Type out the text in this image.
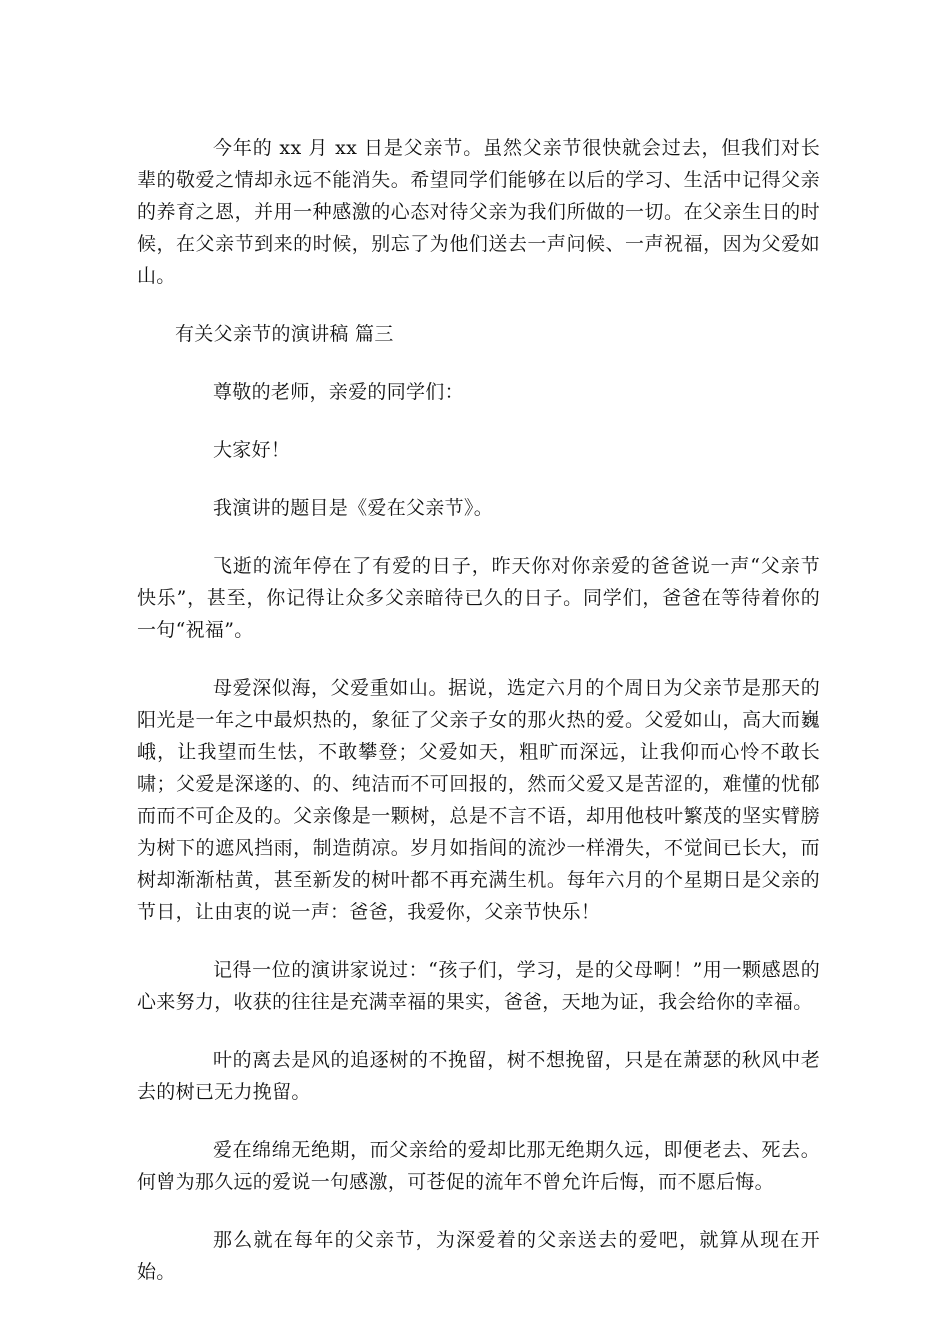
今年的 xx 月 xx 日是父亲节。虽然父亲节很快就会过去，但我们对长辈的敬爱之情却永远不能消失。希望同学们能够在以后的学习、生活中记得父亲的养育之恩，并用一种感激的心态对待父亲为我们所做的一切。在父亲生日的时候，在父亲节到来的时候，别忘了为他们送去一声问候、一声祝福，因为父爱如山。

有关父亲节的演讲稿 篇三

尊敬的老师，亲爱的同学们：

大家好！

我演讲的题目是《爱在父亲节》。

飞逝的流年停在了有爱的日子，昨天你对你亲爱的爸爸说一声“父亲节快乐”，甚至，你记得让众多父亲暗待已久的日子。同学们，爸爸在等待着你的一句“祝福”。

母爱深似海，父爱重如山。据说，选定六月的个周日为父亲节是那天的阳光是一年之中最炽热的，象征了父亲子女的那火热的爱。父爱如山，高大而巍峨，让我望而生怯，不敢攀登；父爱如天，粗旷而深远，让我仰而心怜不敢长啸；父爱是深遂的、的、纯洁而不可回报的，然而父爱又是苦涩的，难懂的忧郁而而不可企及的。父亲像是一颗树，总是不言不语，却用他枝叶繁茂的坚实臂膀为树下的遮风挡雨，制造荫凉。岁月如指间的流沙一样滑失，不觉间已长大，而树却渐渐枯黄，甚至新发的树叶都不再充满生机。每年六月的个星期日是父亲的节日，让由衷的说一声：爸爸，我爱你，父亲节快乐！

记得一位的演讲家说过：“孩子们，学习，是的父母啊！”用一颗感恩的心来努力，收获的往往是充满幸福的果实，爸爸，天地为证，我会给你的幸福。

叶的离去是风的追逐树的不挽留，树不想挽留，只是在萧瑟的秋风中老去的树已无力挽留。

爱在绵绵无绝期，而父亲给的爱却比那无绝期久远，即便老去、死去。何曾为那久远的爱说一句感激，可苍促的流年不曾允许后悔，而不愿后悔。

那么就在每年的父亲节，为深爱着的父亲送去的爱吧，就算从现在开始。
